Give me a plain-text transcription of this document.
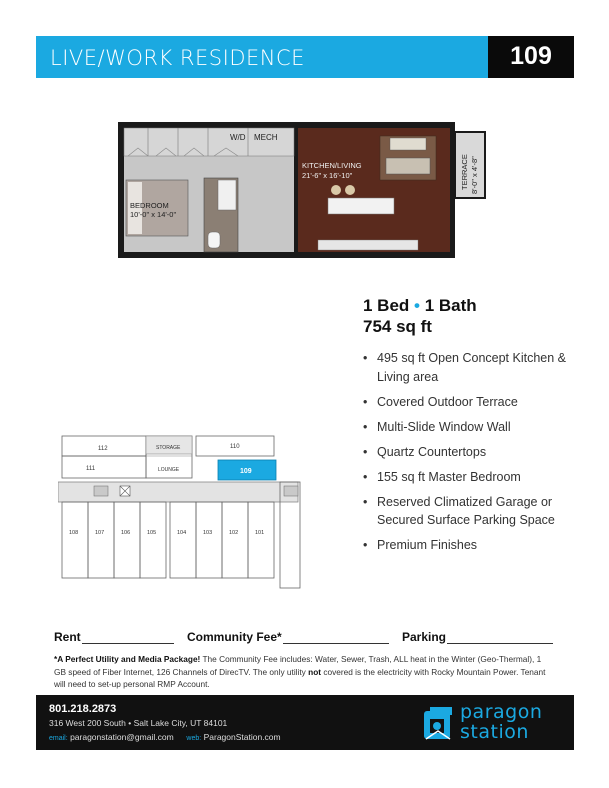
LIVE/WORK RESIDENCE	109
W/D MECH
KITCHEN/LIVING
21'-6" x 16'-10"
BEDROOM
10'-0" x 14'-0"
TERRACE 8'-0" x 4'-8"
1 Bed • 1 Bath
754 sq ft
• 495 sq ft Open Concept Kitchen & Living area
• Covered Outdoor Terrace
• Multi-Slide Window Wall
• Quartz Countertops
• 155 sq ft Master Bedroom
• Reserved Climatized Garage or Secured Surface Parking Space
• Premium Finishes
112	110
111	109
STORAGE
LOUNGE
108	107	106	105	104	103	102	101
Rent	Community Fee*	Parking
*A Perfect Utility and Media Package! The Community Fee includes: Water, Sewer, Trash, ALL heat in the Winter (Geo-Thermal), 1 GB speed of Fiber Internet, 126 Channels of DirecTV. The only utility not covered is the electricity with Rocky Mountain Power. Tenant will need to set-up personal RMP Account.
801.218.2873
316 West 200 South • Salt Lake City, UT 84101
email: paragonstation@gmail.com web: ParagonStation.com
paragon
station
